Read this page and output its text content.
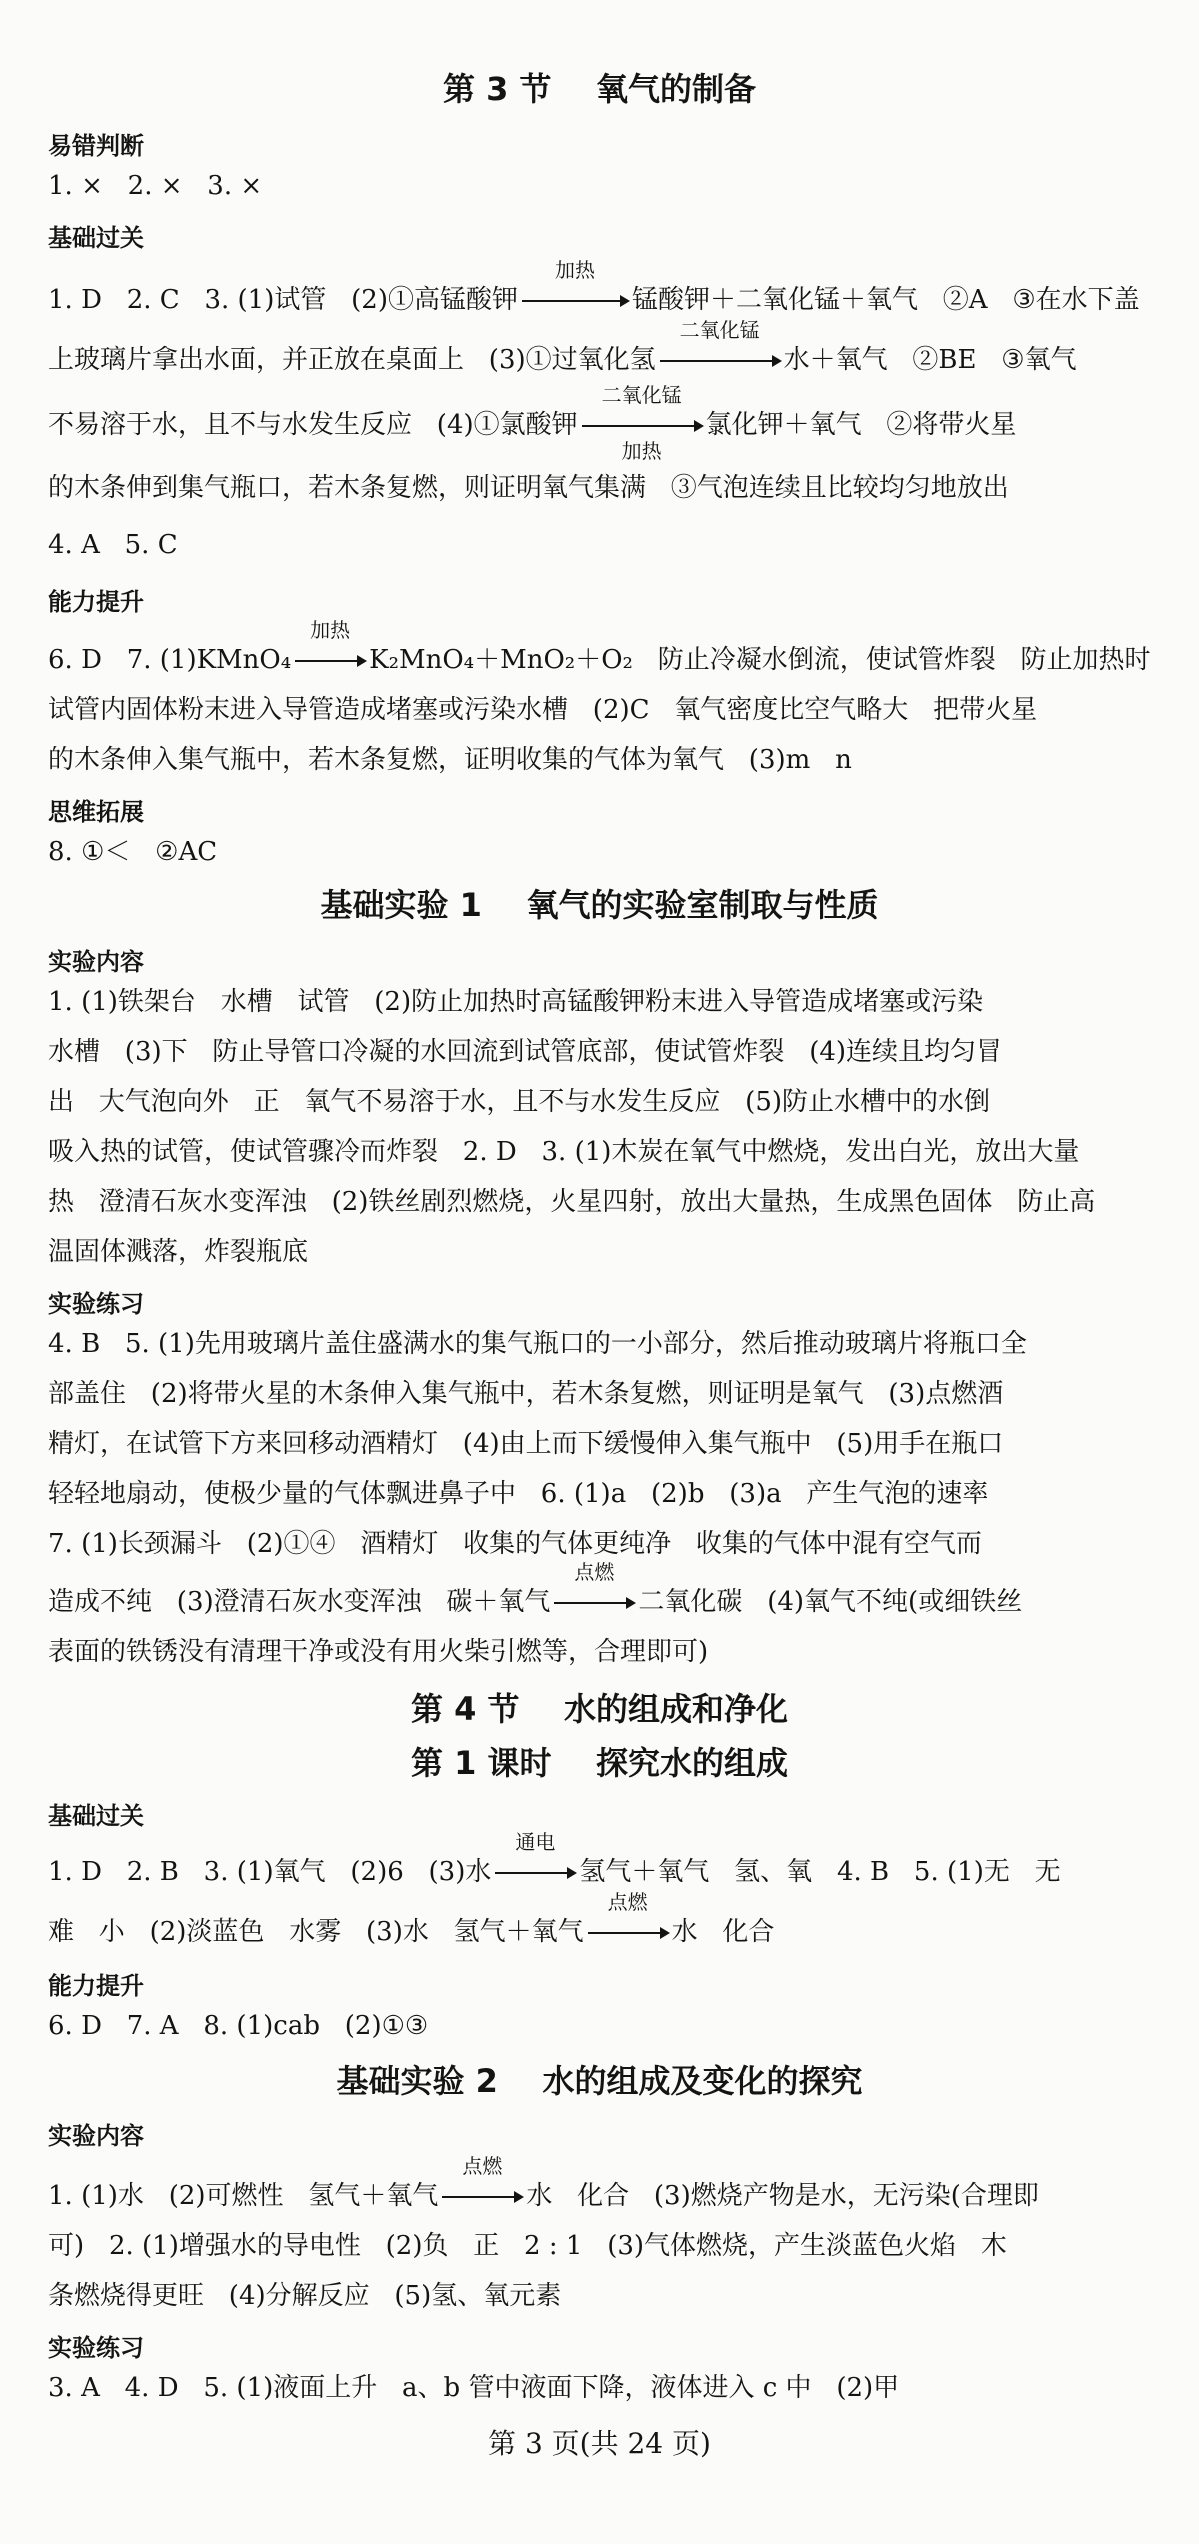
第 3 节    氧气的制备
易错判断

1. ×   2. ×   3. ×

基础过关

1. D   2. C   3. (1)试管   (2)①高锰酸钾
加热
锰酸钾＋二氧化锰＋氧气   ②A   ③在水下盖

上玻璃片拿出水面，并正放在桌面上   (3)①过氧化氢
二氧化锰
水＋氧气   ②BE   ③氧气

不易溶于水，且不与水发生反应   (4)①氯酸钾
二氧化锰
加热
氯化钾＋氧气   ②将带火星

的木条伸到集气瓶口，若木条复燃，则证明氧气集满   ③气泡连续且比较均匀地放出

4. A   5. C

能力提升

6. D   7. (1)KMnO₄
加热
K₂MnO₄＋MnO₂＋O₂   防止冷凝水倒流，使试管炸裂   防止加热时

试管内固体粉末进入导管造成堵塞或污染水槽   (2)C   氧气密度比空气略大   把带火星

的木条伸入集气瓶中，若木条复燃，证明收集的气体为氧气   (3)m   n

思维拓展

8. ①＜   ②AC

基础实验 1    氧气的实验室制取与性质
实验内容

1. (1)铁架台   水槽   试管   (2)防止加热时高锰酸钾粉末进入导管造成堵塞或污染

水槽   (3)下   防止导管口冷凝的水回流到试管底部，使试管炸裂   (4)连续且均匀冒

出   大气泡向外   正   氧气不易溶于水，且不与水发生反应   (5)防止水槽中的水倒

吸入热的试管，使试管骤冷而炸裂   2. D   3. (1)木炭在氧气中燃烧，发出白光，放出大量

热   澄清石灰水变浑浊   (2)铁丝剧烈燃烧，火星四射，放出大量热，生成黑色固体   防止高

温固体溅落，炸裂瓶底

实验练习

4. B   5. (1)先用玻璃片盖住盛满水的集气瓶口的一小部分，然后推动玻璃片将瓶口全

部盖住   (2)将带火星的木条伸入集气瓶中，若木条复燃，则证明是氧气   (3)点燃酒

精灯，在试管下方来回移动酒精灯   (4)由上而下缓慢伸入集气瓶中   (5)用手在瓶口

轻轻地扇动，使极少量的气体飘进鼻子中   6. (1)a   (2)b   (3)a   产生气泡的速率

7. (1)长颈漏斗   (2)①④   酒精灯   收集的气体更纯净   收集的气体中混有空气而

造成不纯   (3)澄清石灰水变浑浊   碳＋氧气
点燃
二氧化碳   (4)氧气不纯(或细铁丝

表面的铁锈没有清理干净或没有用火柴引燃等，合理即可)

第 4 节    水的组成和净化
第 1 课时    探究水的组成
基础过关

1. D   2. B   3. (1)氧气   (2)6   (3)水
通电
氢气＋氧气   氢、氧   4. B   5. (1)无   无

难   小   (2)淡蓝色   水雾   (3)水   氢气＋氧气
点燃
水   化合

能力提升

6. D   7. A   8. (1)cab   (2)①③

基础实验 2    水的组成及变化的探究
实验内容

1. (1)水   (2)可燃性   氢气＋氧气
点燃
水   化合   (3)燃烧产物是水，无污染(合理即

可)   2. (1)增强水的导电性   (2)负   正   2 : 1   (3)气体燃烧，产生淡蓝色火焰   木

条燃烧得更旺   (4)分解反应   (5)氢、氧元素

实验练习

3. A   4. D   5. (1)液面上升   a、b 管中液面下降，液体进入 c 中   (2)甲

第 3 页(共 24 页)
